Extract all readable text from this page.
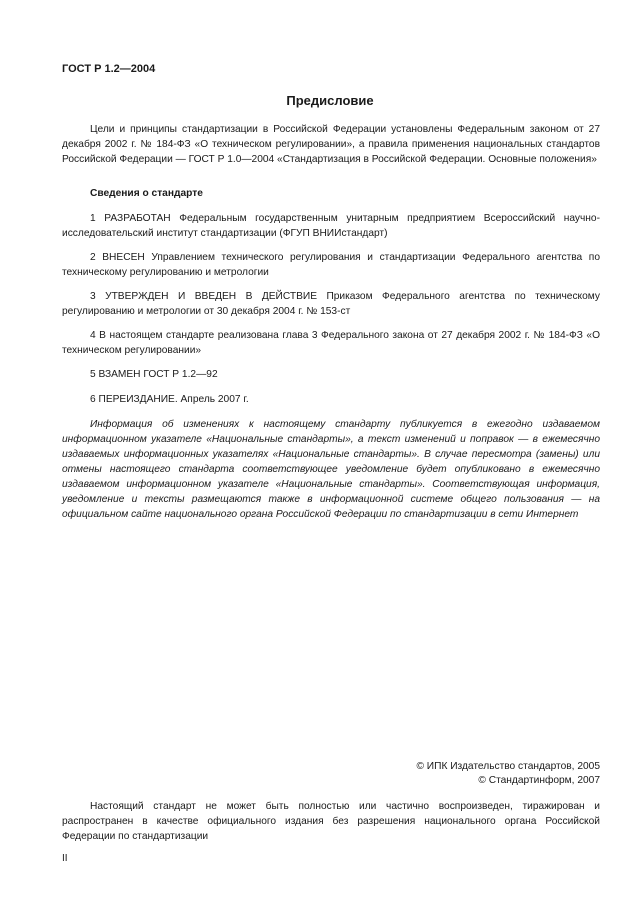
ГОСТ Р 1.2—2004
Предисловие
Цели и принципы стандартизации в Российской Федерации установлены Федеральным законом от 27 декабря 2002 г. № 184-ФЗ «О техническом регулировании», а правила применения национальных стандартов Российской Федерации — ГОСТ Р 1.0—2004 «Стандартизация в Российской Федерации. Основные положения»
Сведения о стандарте
1 РАЗРАБОТАН Федеральным государственным унитарным предприятием Всероссийский научно-исследовательский институт стандартизации (ФГУП ВНИИстандарт)
2 ВНЕСЕН Управлением технического регулирования и стандартизации Федерального агентства по техническому регулированию и метрологии
3 УТВЕРЖДЕН И ВВЕДЕН В ДЕЙСТВИЕ Приказом Федерального агентства по техническому регулированию и метрологии от 30 декабря 2004 г. № 153-ст
4 В настоящем стандарте реализована глава 3 Федерального закона от 27 декабря 2002 г. № 184-ФЗ «О техническом регулировании»
5 ВЗАМЕН ГОСТ Р 1.2—92
6 ПЕРЕИЗДАНИЕ. Апрель 2007 г.
Информация об изменениях к настоящему стандарту публикуется в ежегодно издаваемом информационном указателе «Национальные стандарты», а текст изменений и поправок — в ежемесячно издаваемых информационных указателях «Национальные стандарты». В случае пересмотра (замены) или отмены настоящего стандарта соответствующее уведомление будет опубликовано в ежемесячно издаваемом информационном указателе «Национальные стандарты». Соответствующая информация, уведомление и тексты размещаются также в информационной системе общего пользования — на официальном сайте национального органа Российской Федерации по стандартизации в сети Интернет
© ИПК Издательство стандартов, 2005
© Стандартинформ, 2007
Настоящий стандарт не может быть полностью или частично воспроизведен, тиражирован и распространен в качестве официального издания без разрешения национального органа Российской Федерации по стандартизации
II
